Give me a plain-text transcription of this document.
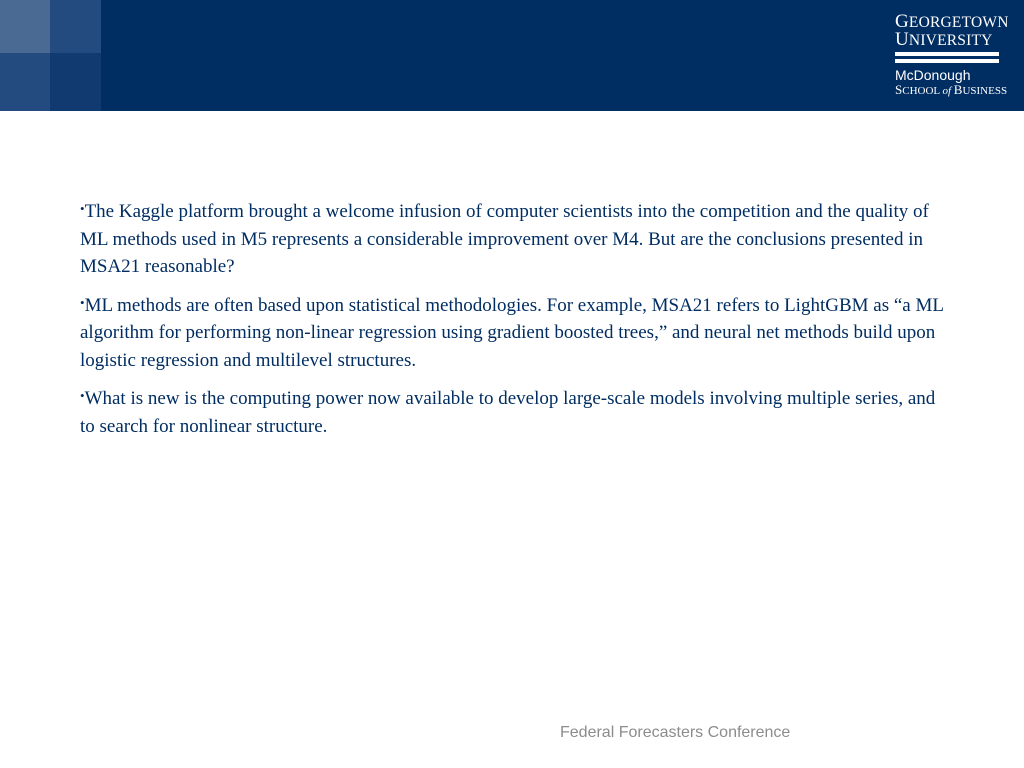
GEORGETOWN
UNIVERSITY
McDonough
SCHOOL of BUSINESS

•The Kaggle platform brought a welcome infusion of computer scientists into the competition and the quality of ML methods used in M5 represents a considerable improvement over M4. But are the conclusions presented in MSA21 reasonable?

•ML methods are often based upon statistical methodologies. For example, MSA21 refers to LightGBM as “a ML algorithm for performing non-linear regression using gradient boosted trees,” and neural net methods build upon logistic regression and multilevel structures.

•What is new is the computing power now available to develop large-scale models involving multiple series, and to search for nonlinear structure.

Federal Forecasters Conference
